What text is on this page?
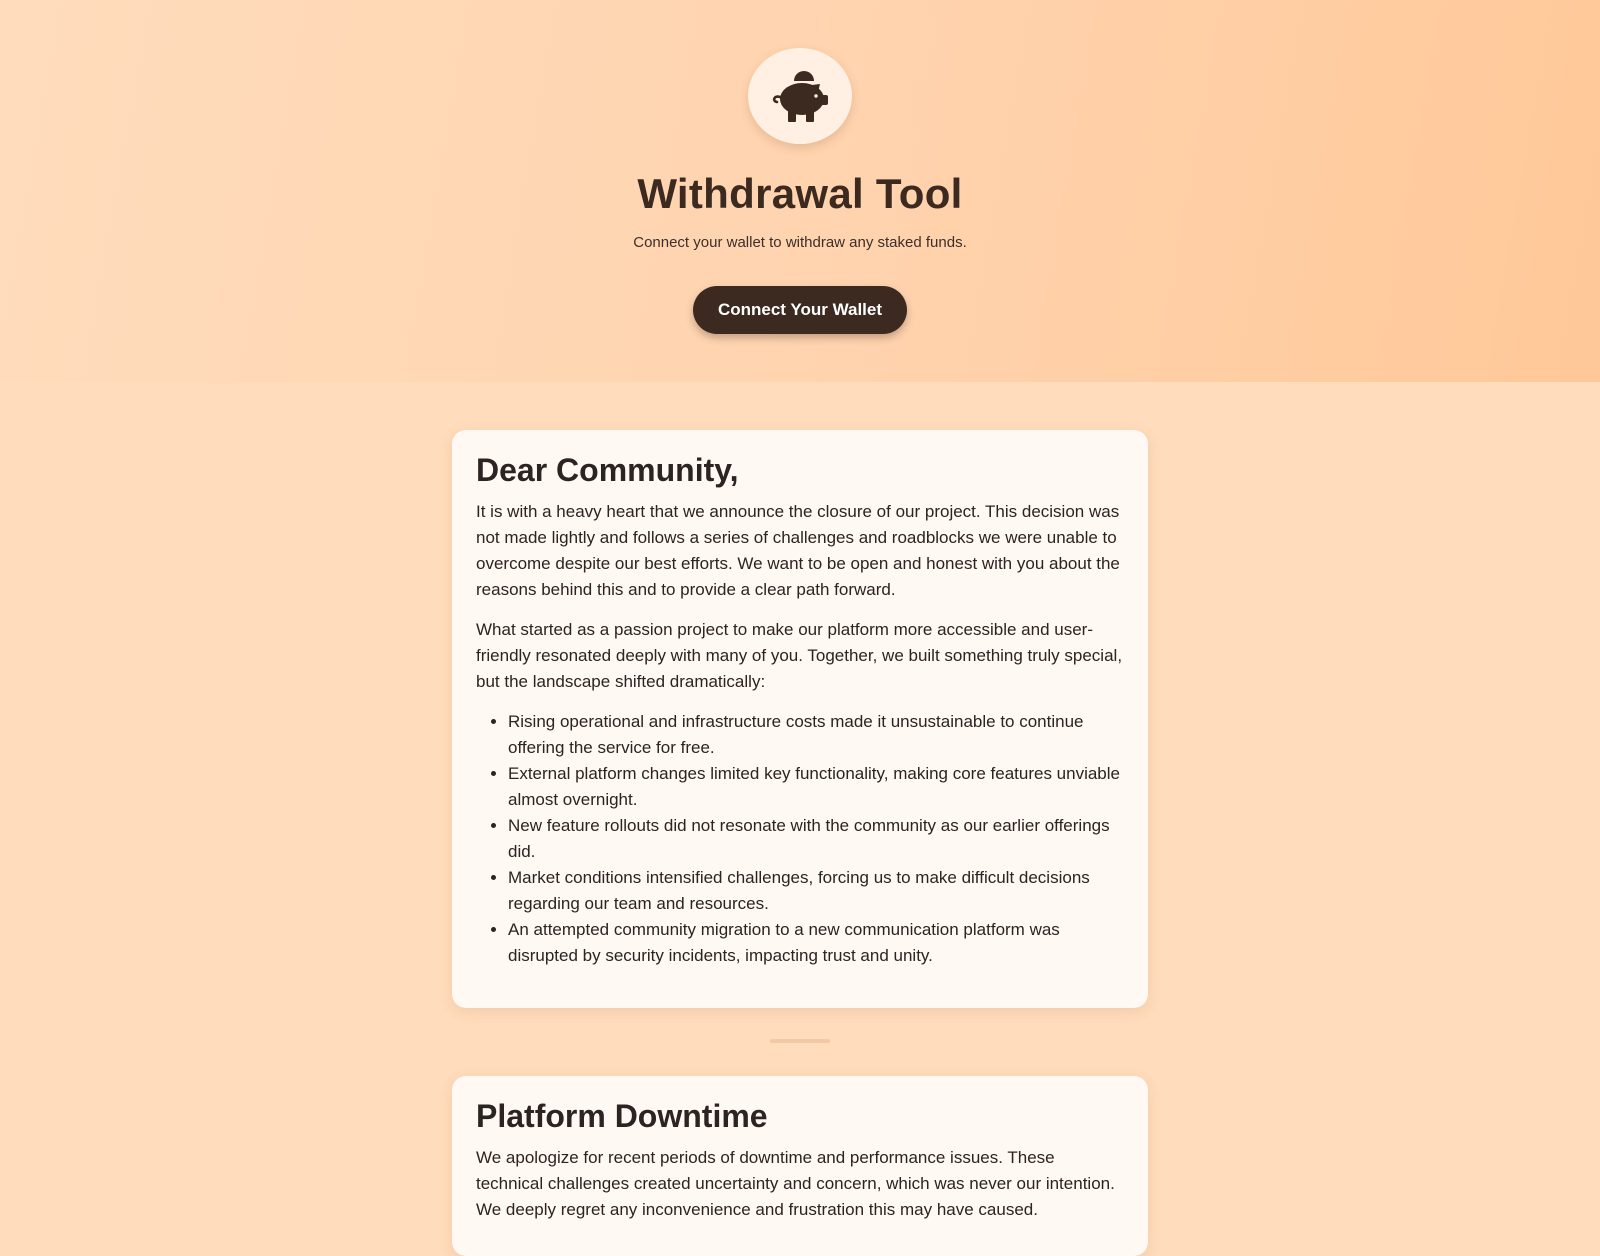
Withdrawal Tool

Connect your wallet to withdraw any staked funds.

Connect Your Wallet
Dear Community,

It is with a heavy heart that we announce the closure of our project. This decision was not made lightly and follows a series of challenges and roadblocks we were unable to overcome despite our best efforts. We want to be open and honest with you about the reasons behind this and to provide a clear path forward.

What started as a passion project to make our platform more accessible and user-friendly resonated deeply with many of you. Together, we built something truly special, but the landscape shifted dramatically:

• Rising operational and infrastructure costs made it unsustainable to continue offering the service for free.
• External platform changes limited key functionality, making core features unviable almost overnight.
• New feature rollouts did not resonate with the community as our earlier offerings did.
• Market conditions intensified challenges, forcing us to make difficult decisions regarding our team and resources.
• An attempted community migration to a new communication platform was disrupted by security incidents, impacting trust and unity.
Platform Downtime

We apologize for recent periods of downtime and performance issues. These technical challenges created uncertainty and concern, which was never our intention. We deeply regret any inconvenience and frustration this may have caused.
